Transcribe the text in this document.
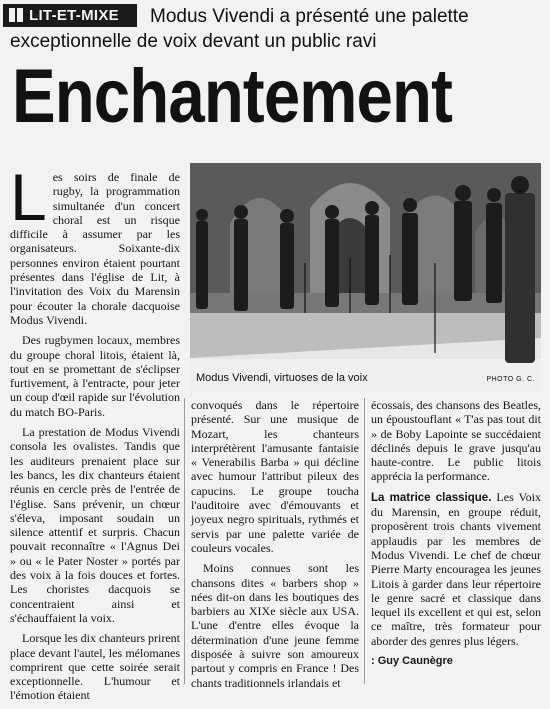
LIT-ET-MIXE	Modus Vivendi a présenté une palette
exceptionnelle de voix devant un public ravi
Enchantement

Les soirs de finale de rugby, la programmation simultanée d'un concert choral est un risque difficile à assumer par les organisateurs. Soixante-dix personnes environ étaient pourtant présentes dans l'église de Lit, à l'invitation des Voix du Marensin pour écouter la chorale dacquoise Modus Vivendi.

Des rugbymen locaux, membres du groupe choral litois, étaient là, tout en se promettant de s'éclipser furtivement, à l'entracte, pour jeter un coup d'œil rapide sur l'évolution du match BO-Paris.

La prestation de Modus Vivendi consola les ovalistes. Tandis que les auditeurs prenaient place sur les bancs, les dix chanteurs étaient réunis en cercle près de l'entrée de l'église. Sans prévenir, un chœur s'éleva, imposant soudain un silence attentif et surpris. Chacun pouvait reconnaître « l'Agnus Dei » ou « le Pater Noster » portés par des voix à la fois douces et fortes. Les choristes dacquois se concentraient ainsi et s'échauffaient la voix.

Lorsque les dix chanteurs prirent place devant l'autel, les mélomanes comprirent que cette soirée serait exceptionnelle. L'humour et l'émotion étaient

Modus Vivendi, virtuoses de la voix	PHOTO G. C.

convoqués dans le répertoire présenté. Sur une musique de Mozart, les chanteurs interprétèrent l'amusante fantaisie « Venerabilis Barba » qui décline avec humour l'attribut pileux des capucins. Le groupe toucha l'auditoire avec d'émouvants et joyeux negro spirituals, rythmés et servis par une palette variée de couleurs vocales.

Moins connues sont les chansons dites « barbers shop » nées dit-on dans les boutiques des barbiers au XIXe siècle aux USA. L'une d'entre elles évoque la détermination d'une jeune femme disposée à suivre son amoureux partout y compris en France ! Des chants traditionnels irlandais et

écossais, des chansons des Beatles, un époustouflant « T'as pas tout dit » de Boby Lapointe se succédaient déclinés depuis le grave jusqu'au haute-contre. Le public litois apprécia la performance.

La matrice classique. Les Voix du Marensin, en groupe réduit, proposèrent trois chants vivement applaudis par les membres de Modus Vivendi. Le chef de chœur Pierre Marty encouragea les jeunes Litois à garder dans leur répertoire le genre sacré et classique dans lequel ils excellent et qui est, selon ce maître, très formateur pour aborder des genres plus légers.

: Guy Caunègre
